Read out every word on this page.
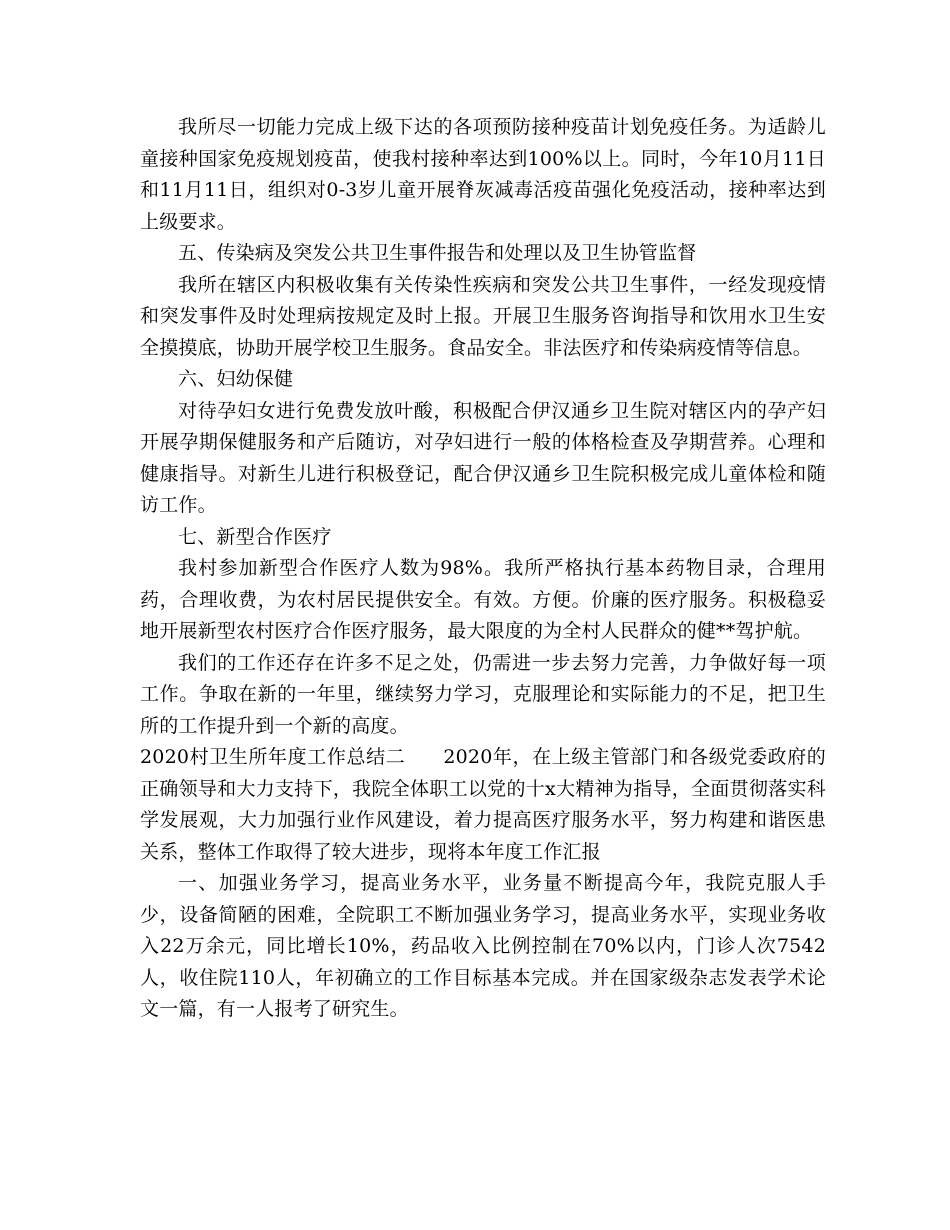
我所尽一切能力完成上级下达的各项预防接种疫苗计划免疫任务。为适龄儿童接种国家免疫规划疫苗，使我村接种率达到100%以上。同时，今年10月11日和11月11日，组织对0-3岁儿童开展脊灰减毒活疫苗强化免疫活动，接种率达到上级要求。

五、传染病及突发公共卫生事件报告和处理以及卫生协管监督

我所在辖区内积极收集有关传染性疾病和突发公共卫生事件，一经发现疫情和突发事件及时处理病按规定及时上报。开展卫生服务咨询指导和饮用水卫生安全摸摸底，协助开展学校卫生服务。食品安全。非法医疗和传染病疫情等信息。

六、妇幼保健

对待孕妇女进行免费发放叶酸，积极配合伊汉通乡卫生院对辖区内的孕产妇开展孕期保健服务和产后随访，对孕妇进行一般的体格检查及孕期营养。心理和健康指导。对新生儿进行积极登记，配合伊汉通乡卫生院积极完成儿童体检和随访工作。

七、新型合作医疗

我村参加新型合作医疗人数为98%。我所严格执行基本药物目录，合理用药，合理收费，为农村居民提供安全。有效。方便。价廉的医疗服务。积极稳妥地开展新型农村医疗合作医疗服务，最大限度的为全村人民群众的健**驾护航。

我们的工作还存在许多不足之处，仍需进一步去努力完善，力争做好每一项工作。争取在新的一年里，继续努力学习，克服理论和实际能力的不足，把卫生所的工作提升到一个新的高度。

2020村卫生所年度工作总结二 2020年，在上级主管部门和各级党委政府的正确领导和大力支持下，我院全体职工以党的十x大精神为指导，全面贯彻落实科学发展观，大力加强行业作风建设，着力提高医疗服务水平，努力构建和谐医患关系，整体工作取得了较大进步，现将本年度工作汇报

一、加强业务学习，提高业务水平，业务量不断提高今年，我院克服人手少，设备简陋的困难，全院职工不断加强业务学习，提高业务水平，实现业务收入22万余元，同比增长10%，药品收入比例控制在70%以内，门诊人次7542人，收住院110人，年初确立的工作目标基本完成。并在国家级杂志发表学术论文一篇，有一人报考了研究生。
